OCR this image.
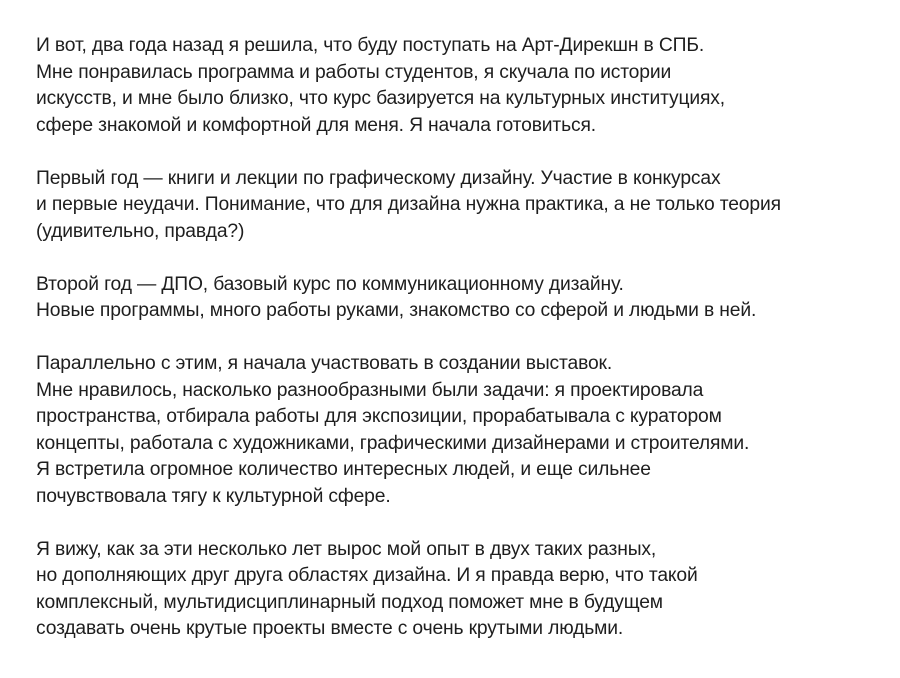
И вот, два года назад я решила, что буду поступать на Арт-Дирекшн в СПБ.
Мне понравилась программа и работы студентов, я скучала по истории
искусств, и мне было близко, что курс базируется на культурных институциях,
сфере знакомой и комфортной для меня. Я начала готовиться.

Первый год — книги и лекции по графическому дизайну. Участие в конкурсах
и первые неудачи. Понимание, что для дизайна нужна практика, а не только теория
(удивительно, правда?)

Второй год — ДПО, базовый курс по коммуникационному дизайну.
Новые программы, много работы руками, знакомство со сферой и людьми в ней.

Параллельно с этим, я начала участвовать в создании выставок.
Мне нравилось, насколько разнообразными были задачи: я проектировала
пространства, отбирала работы для экспозиции, прорабатывала с куратором
концепты, работала с художниками, графическими дизайнерами и строителями.
Я встретила огромное количество интересных людей, и еще сильнее
почувствовала тягу к культурной сфере.

Я вижу, как за эти несколько лет вырос мой опыт в двух таких разных,
но дополняющих друг друга областях дизайна. И я правда верю, что такой
комплексный, мультидисциплинарный подход поможет мне в будущем
создавать очень крутые проекты вместе с очень крутыми людьми.
